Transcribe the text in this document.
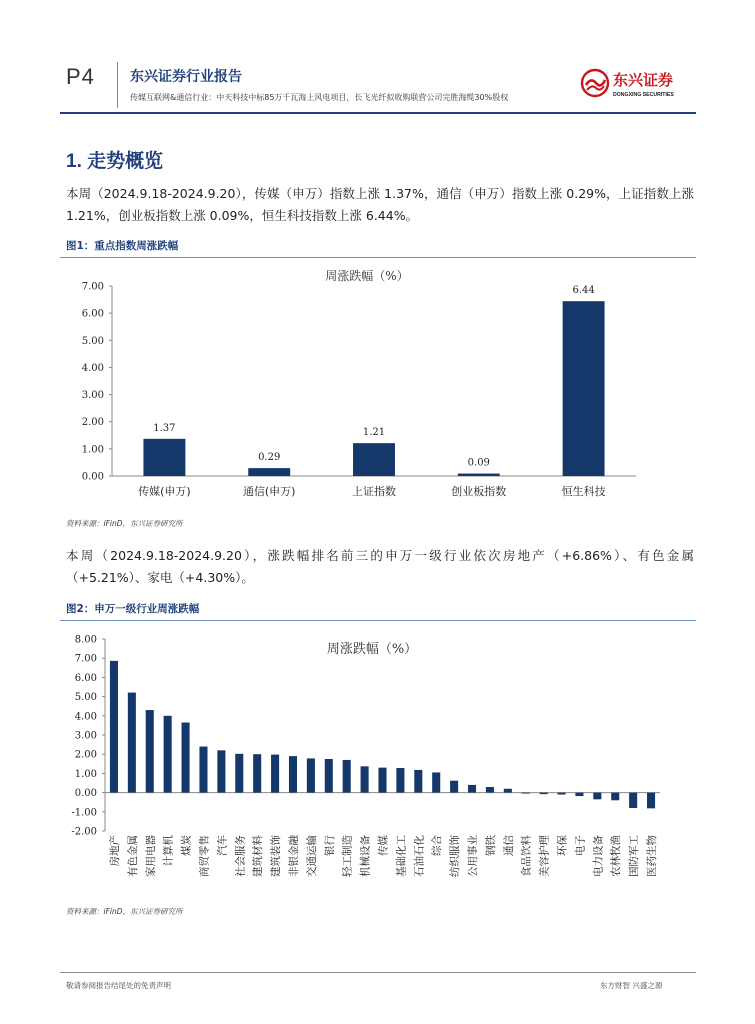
P4	东兴证券行业报告
传媒互联网&通信行业：中天科技中标85万千瓦海上风电项目，长飞光纤拟收购联营公司完胜海缆30%股权
东兴证券
DONGXING SECURITIES
1. 走势概览
本周（2024.9.18-2024.9.20），传媒（申万）指数上涨 1.37%，通信（申万）指数上涨 0.29%，上证指数上涨 1.21%，创业板指数上涨 0.09%，恒生科技指数上涨 6.44%。
图1：重点指数周涨跌幅
周涨跌幅（%）
0.00
1.00
2.00
3.00
4.00
5.00
6.00
7.00
1.37
传媒(申万)
0.29
通信(申万)
1.21
上证指数
0.09
创业板指数
6.44
恒生科技
资料来源：iFinD，东兴证券研究所
本周（2024.9.18-2024.9.20），涨跌幅排名前三的申万一级行业依次房地产（+6.86%）、有色金属（+5.21%）、家电（+4.30%）。
图2：申万一级行业周涨跌幅
周涨跌幅（%）
-2.00
-1.00
0.00
1.00
2.00
3.00
4.00
5.00
6.00
7.00
8.00
房地产 有色金属 家用电器 计算机 煤炭 商贸零售 汽车 社会服务 建筑材料 建筑装饰 非银金融 交通运输 银行 轻工制造 机械设备 传媒 基础化工 石油石化 综合 纺织服饰 公用事业 钢铁 通信 食品饮料 美容护理 环保 电子 电力设备 农林牧渔 国防军工 医药生物
资料来源：iFinD，东兴证券研究所
敬请参阅报告结尾处的免责声明	东方财智 兴盛之源
